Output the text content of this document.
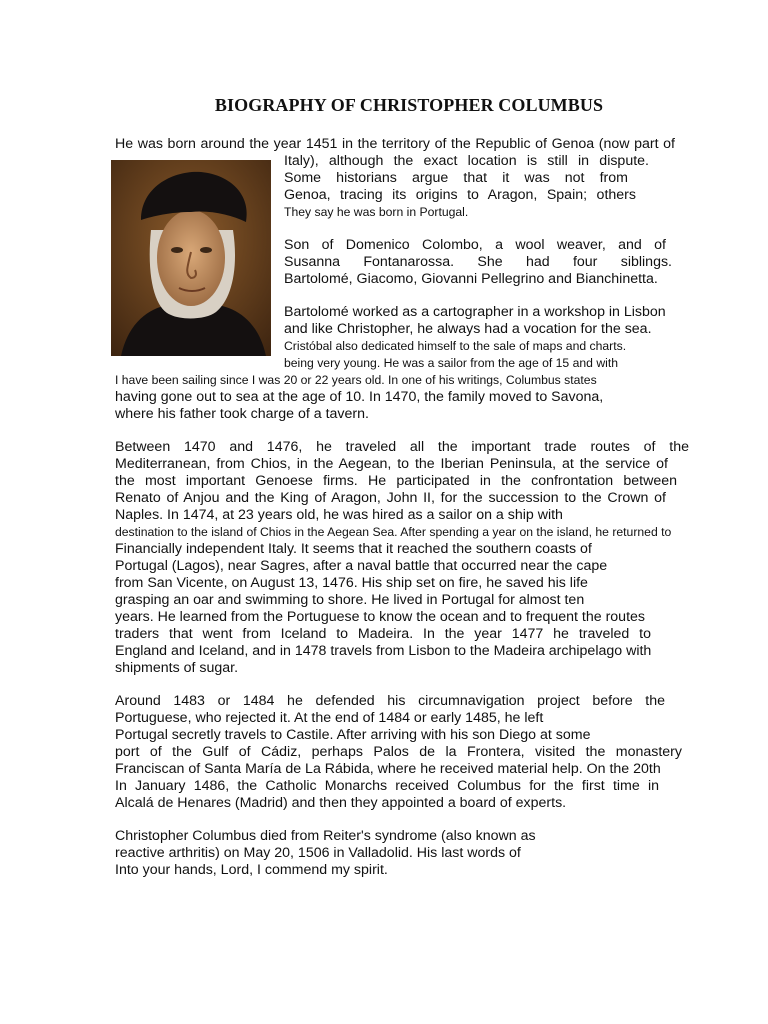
BIOGRAPHY OF CHRISTOPHER COLUMBUS
He was born around the year 1451 in the territory of the Republic of Genoa (now part of
Italy), although the exact location is still in dispute.
Some historians argue that it was not from
Genoa, tracing its origins to Aragon, Spain; others
They say he was born in Portugal.
Son of Domenico Colombo, a wool weaver, and of
Susanna Fontanarossa. She had four siblings.
Bartolomé, Giacomo, Giovanni Pellegrino and Bianchinetta.
Bartolomé worked as a cartographer in a workshop in Lisbon
and like Christopher, he always had a vocation for the sea.
Cristóbal also dedicated himself to the sale of maps and charts.
being very young. He was a sailor from the age of 15 and with
I have been sailing since I was 20 or 22 years old. In one of his writings, Columbus states
having gone out to sea at the age of 10. In 1470, the family moved to Savona,
where his father took charge of a tavern.
Between 1470 and 1476, he traveled all the important trade routes of the
Mediterranean, from Chios, in the Aegean, to the Iberian Peninsula, at the service of
the most important Genoese firms. He participated in the confrontation between
Renato of Anjou and the King of Aragon, John II, for the succession to the Crown of
Naples. In 1474, at 23 years old, he was hired as a sailor on a ship with
destination to the island of Chios in the Aegean Sea. After spending a year on the island, he returned to
Financially independent Italy. It seems that it reached the southern coasts of
Portugal (Lagos), near Sagres, after a naval battle that occurred near the cape
from San Vicente, on August 13, 1476. His ship set on fire, he saved his life
grasping an oar and swimming to shore. He lived in Portugal for almost ten
years. He learned from the Portuguese to know the ocean and to frequent the routes
traders that went from Iceland to Madeira. In the year 1477 he traveled to
England and Iceland, and in 1478 travels from Lisbon to the Madeira archipelago with
shipments of sugar.
Around 1483 or 1484 he defended his circumnavigation project before the
Portuguese, who rejected it. At the end of 1484 or early 1485, he left
Portugal secretly travels to Castile. After arriving with his son Diego at some
port of the Gulf of Cádiz, perhaps Palos de la Frontera, visited the monastery
Franciscan of Santa María de La Rábida, where he received material help. On the 20th
In January 1486, the Catholic Monarchs received Columbus for the first time in
Alcalá de Henares (Madrid) and then they appointed a board of experts.
Christopher Columbus died from Reiter's syndrome (also known as
reactive arthritis) on May 20, 1506 in Valladolid. His last words of
Into your hands, Lord, I commend my spirit.
